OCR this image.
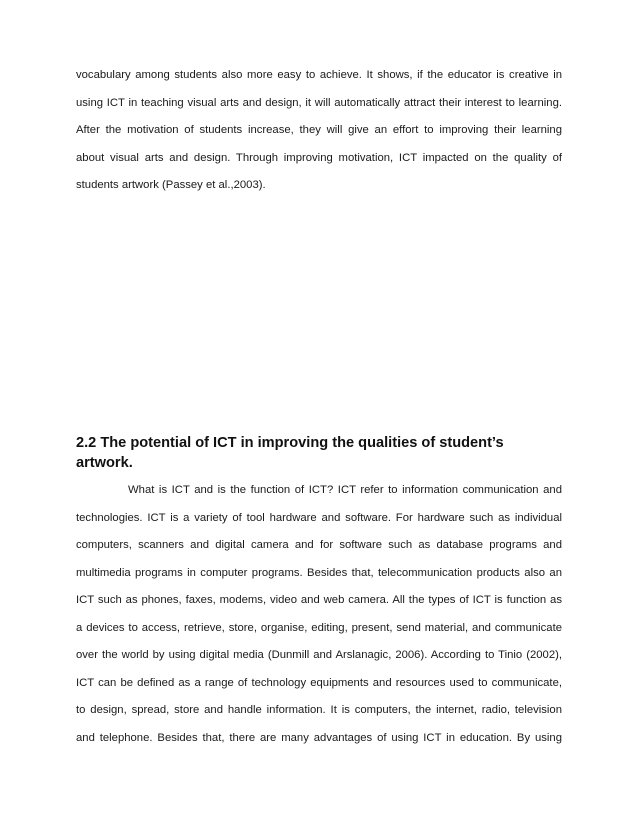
vocabulary among students also more easy to achieve. It shows, if the educator is creative in
using ICT in teaching visual arts and design, it will automatically attract their interest to learning.
After the motivation of students increase, they will give an effort to improving their learning
about visual arts and design. Through improving motivation, ICT impacted on the quality of
students artwork (Passey et al.,2003).
2.2 The potential of ICT in improving the qualities of student’s artwork.
What is ICT and is the function of ICT? ICT refer to information communication and
technologies. ICT is a variety of tool hardware and software. For hardware such as individual
computers, scanners and digital camera and for software such as database programs and
multimedia programs in computer programs. Besides that, telecommunication products also an
ICT such as phones, faxes, modems, video and web camera. All the types of ICT is function as
a devices to access, retrieve, store, organise, editing, present, send material, and communicate
over the world by using digital media (Dunmill and Arslanagic, 2006). According to Tinio (2002),
ICT can be defined as a range of technology equipments and resources used to communicate,
to design, spread, store and handle information. It is computers, the internet, radio, television
and telephone. Besides that, there are many advantages of using ICT in education. By using
